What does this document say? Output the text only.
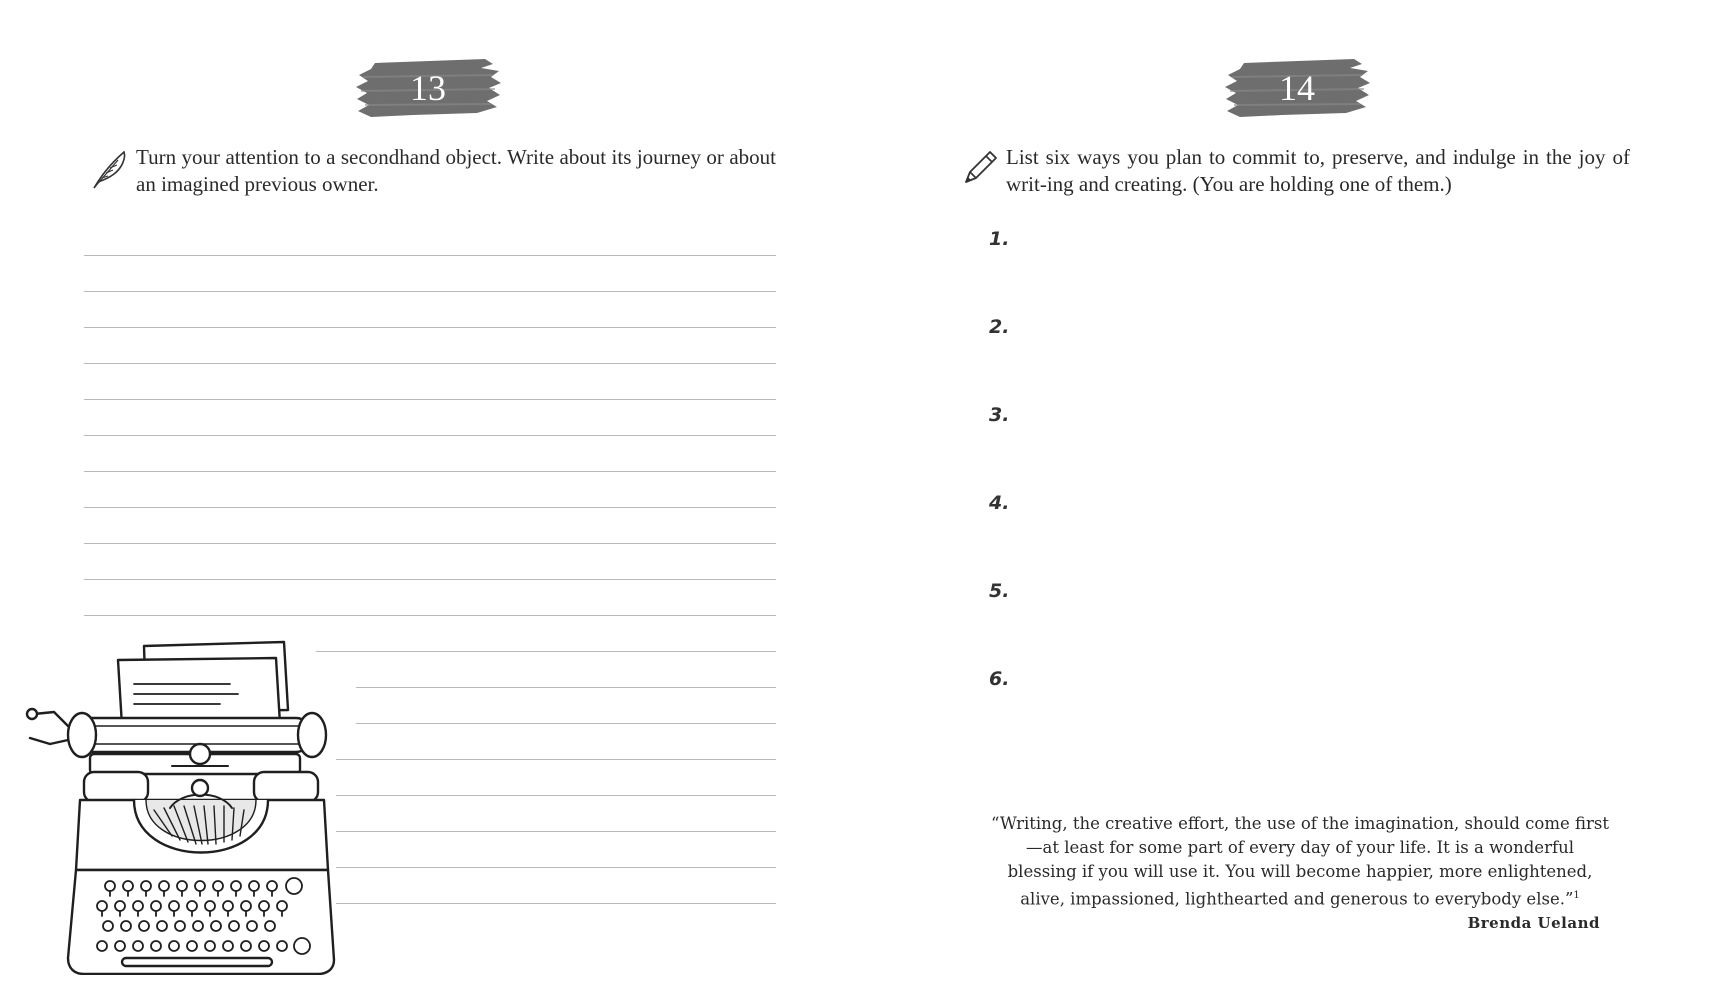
13
Turn your attention to a secondhand object. Write about its journey or about an imagined previous owner.
14
List six ways you plan to commit to, preserve, and indulge in the joy of writ-ing and creating. (You are holding one of them.)
1.
2.
3.
4.
5.
6.
“Writing, the creative effort, the use of the imagination, should come first—at least for some part of every day of your life. It is a wonderful blessing if you will use it. You will become happier, more enlightened, alive, impassioned, lighthearted and generous to everybody else.”$^1$
Brenda Ueland
